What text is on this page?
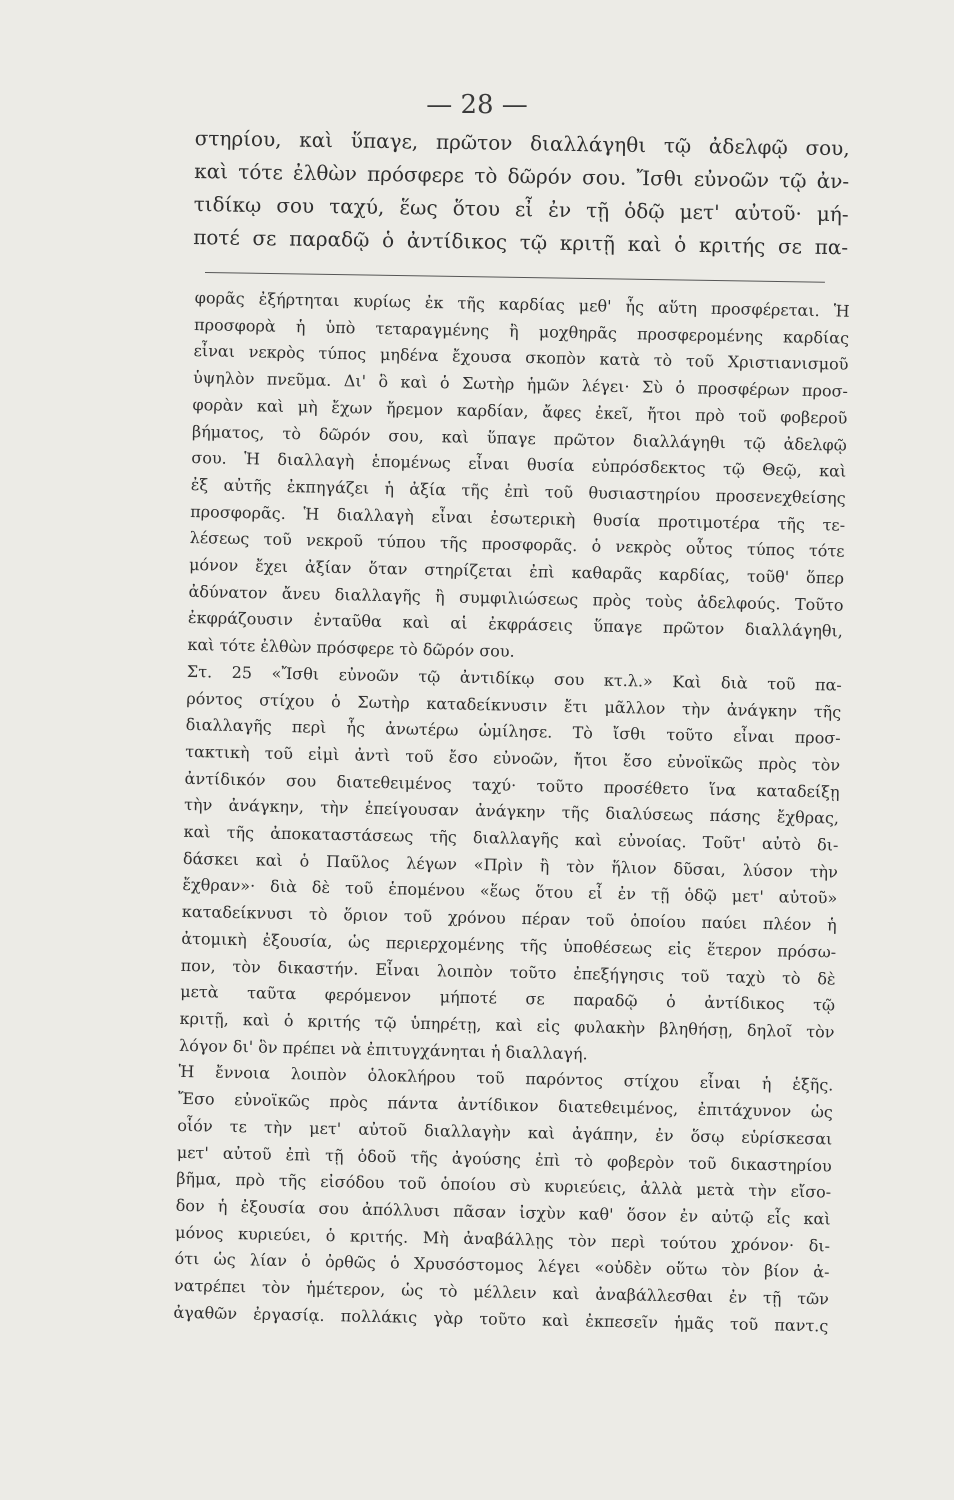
— 28 —
στηρίου, καὶ ὕπαγε, πρῶτον διαλλάγηθι τῷ ἀδελφῷ σου,
καὶ τότε ἐλθὼν πρόσφερε τὸ δῶρόν σου. Ἴσθι εὐνοῶν τῷ ἀν-
τιδίκῳ σου ταχύ, ἕως ὅτου εἶ ἐν τῇ ὁδῷ μετ' αὐτοῦ· μή-
ποτέ σε παραδῷ ὁ ἀντίδικος τῷ κριτῇ καὶ ὁ κριτής σε πα-
φορᾶς ἐξήρτηται κυρίως ἐκ τῆς καρδίας μεθ' ἧς αὕτη προσφέρεται. Ἡ
προσφορὰ ἡ ὑπὸ τεταραγμένης ἢ μοχθηρᾶς προσφερομένης καρδίας
εἶναι νεκρὸς τύπος μηδένα ἔχουσα σκοπὸν κατὰ τὸ τοῦ Χριστιανισμοῦ
ὑψηλὸν πνεῦμα. Δι' ὃ καὶ ὁ Σωτὴρ ἡμῶν λέγει· Σὺ ὁ προσφέρων προσ-
φορὰν καὶ μὴ ἔχων ἤρεμον καρδίαν, ἄφες ἐκεῖ, ἤτοι πρὸ τοῦ φοβεροῦ
βήματος, τὸ δῶρόν σου, καὶ ὕπαγε πρῶτον διαλλάγηθι τῷ ἀδελφῷ
σου. Ἡ διαλλαγὴ ἑπομένως εἶναι θυσία εὐπρόσδεκτος τῷ Θεῷ, καὶ
ἐξ αὐτῆς ἐκπηγάζει ἡ ἀξία τῆς ἐπὶ τοῦ θυσιαστηρίου προσενεχθείσης
προσφορᾶς. Ἡ διαλλαγὴ εἶναι ἐσωτερικὴ θυσία προτιμοτέρα τῆς τε-
λέσεως τοῦ νεκροῦ τύπου τῆς προσφορᾶς. ὁ νεκρὸς οὗτος τύπος τότε
μόνον ἔχει ἀξίαν ὅταν στηρίζεται ἐπὶ καθαρᾶς καρδίας, τοῦθ' ὅπερ
ἀδύνατον ἄνευ διαλλαγῆς ἢ συμφιλιώσεως πρὸς τοὺς ἀδελφούς. Τοῦτο
ἐκφράζουσιν ἐνταῦθα καὶ αἱ ἐκφράσεις ὕπαγε πρῶτον διαλλάγηθι,
καὶ τότε ἐλθὼν πρόσφερε τὸ δῶρόν σου.
Στ. 25 «Ἴσθι εὐνοῶν τῷ ἀντιδίκῳ σου κτ.λ.» Καὶ διὰ τοῦ πα-
ρόντος στίχου ὁ Σωτὴρ καταδείκνυσιν ἔτι μᾶλλον τὴν ἀνάγκην τῆς
διαλλαγῆς περὶ ἧς ἀνωτέρω ὡμίλησε. Τὸ ἴσθι τοῦτο εἶναι προσ-
τακτικὴ τοῦ εἰμὶ ἀντὶ τοῦ ἔσο εὐνοῶν, ἤτοι ἔσο εὐνοϊκῶς πρὸς τὸν
ἀντίδικόν σου διατεθειμένος ταχύ· τοῦτο προσέθετο ἵνα καταδείξῃ
τὴν ἀνάγκην, τὴν ἐπείγουσαν ἀνάγκην τῆς διαλύσεως πάσης ἔχθρας,
καὶ τῆς ἀποκαταστάσεως τῆς διαλλαγῆς καὶ εὐνοίας. Τοῦτ' αὐτὸ δι-
δάσκει καὶ ὁ Παῦλος λέγων «Πρὶν ἢ τὸν ἥλιον δῦσαι, λύσον τὴν
ἔχθραν»· διὰ δὲ τοῦ ἑπομένου «ἕως ὅτου εἶ ἐν τῇ ὁδῷ μετ' αὐτοῦ»
καταδείκνυσι τὸ ὅριον τοῦ χρόνου πέραν τοῦ ὁποίου παύει πλέον ἡ
ἀτομικὴ ἐξουσία, ὡς περιερχομένης τῆς ὑποθέσεως εἰς ἕτερον πρόσω-
πον, τὸν δικαστήν. Εἶναι λοιπὸν τοῦτο ἐπεξήγησις τοῦ ταχὺ τὸ δὲ
μετὰ ταῦτα φερόμενον μήποτέ σε παραδῷ ὁ ἀντίδικος τῷ
κριτῇ, καὶ ὁ κριτής τῷ ὑπηρέτῃ, καὶ εἰς φυλακὴν βληθήσῃ, δηλοῖ τὸν
λόγον δι' ὃν πρέπει νὰ ἐπιτυγχάνηται ἡ διαλλαγή.
Ἡ ἔννοια λοιπὸν ὁλοκλήρου τοῦ παρόντος στίχου εἶναι ἡ ἑξῆς.
Ἔσο εὐνοϊκῶς πρὸς πάντα ἀντίδικον διατεθειμένος, ἐπιτάχυνον ὡς
οἷόν τε τὴν μετ' αὐτοῦ διαλλαγὴν καὶ ἀγάπην, ἐν ὅσῳ εὑρίσκεσαι
μετ' αὐτοῦ ἐπὶ τῇ ὁδοῦ τῆς ἀγούσης ἐπὶ τὸ φοβερὸν τοῦ δικαστηρίου
βῆμα, πρὸ τῆς εἰσόδου τοῦ ὁποίου σὺ κυριεύεις, ἀλλὰ μετὰ τὴν εἴσο-
δον ἡ ἐξουσία σου ἀπόλλυσι πᾶσαν ἰσχὺν καθ' ὅσον ἐν αὐτῷ εἷς καὶ
μόνος κυριεύει, ὁ κριτής. Μὴ ἀναβάλλῃς τὸν περὶ τούτου χρόνον· δι-
ότι ὡς λίαν ὁ ὀρθῶς ὁ Χρυσόστομος λέγει «οὐδὲν οὕτω τὸν βίον ἀ-
νατρέπει τὸν ἡμέτερον, ὡς τὸ μέλλειν καὶ ἀναβάλλεσθαι ἐν τῇ τῶν
ἀγαθῶν ἐργασίᾳ. πολλάκις γὰρ τοῦτο καὶ ἐκπεσεῖν ἡμᾶς τοῦ παντ.ς
